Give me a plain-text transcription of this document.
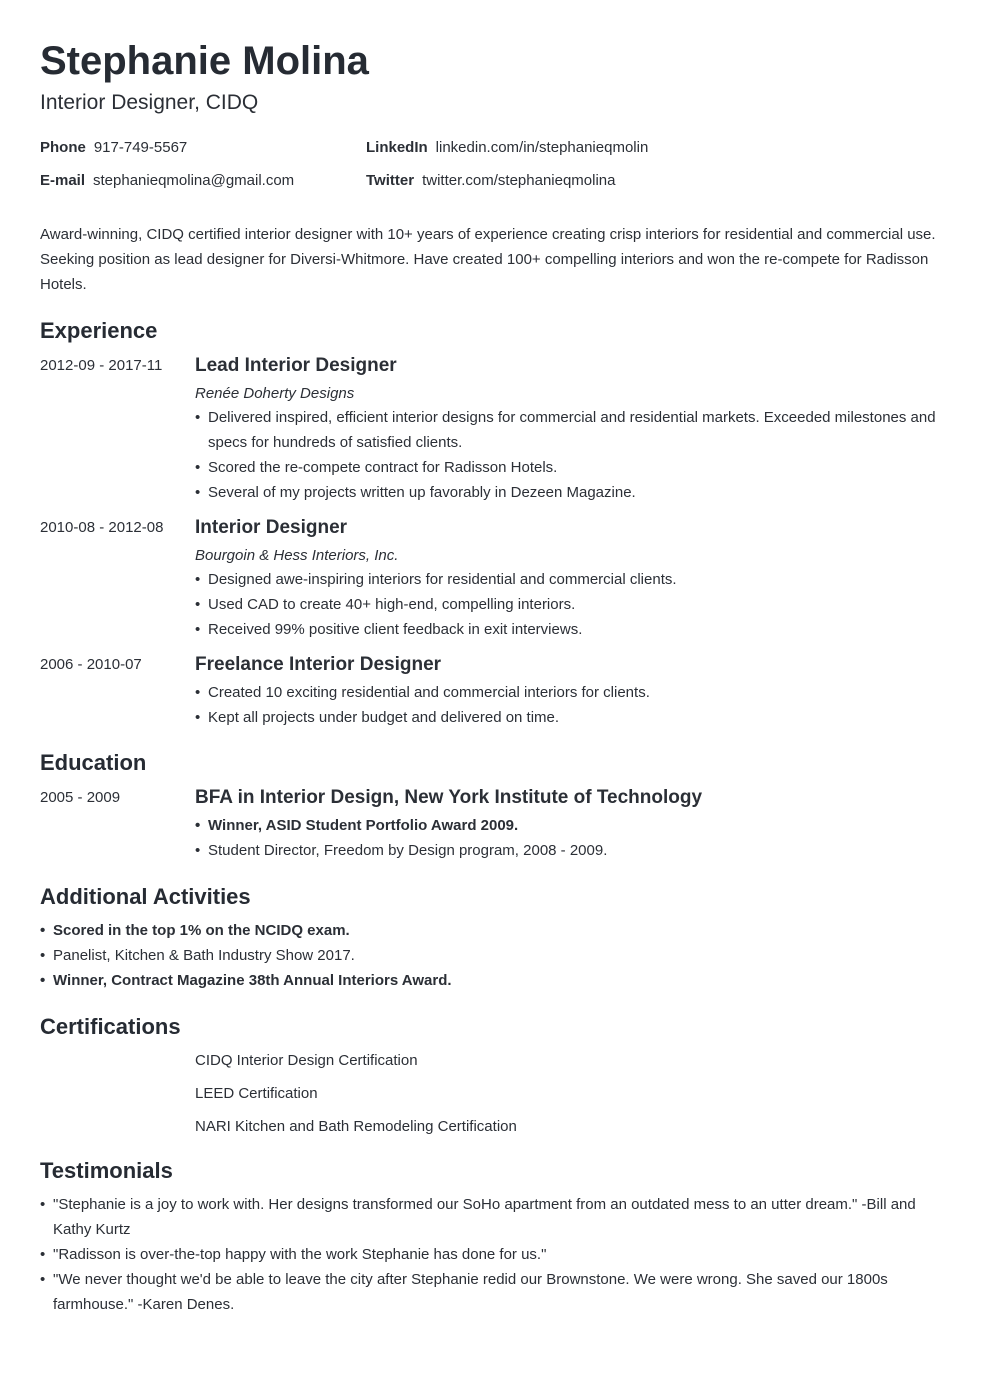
Stephanie Molina
Interior Designer, CIDQ
Phone 917-749-5567	LinkedIn linkedin.com/in/stephanieqmolin
E-mail stephanieqmolina@gmail.com	Twitter twitter.com/stephanieqmolina
Award-winning, CIDQ certified interior designer with 10+ years of experience creating crisp interiors for residential and commercial use. Seeking position as lead designer for Diversi-Whitmore. Have created 100+ compelling interiors and won the re-compete for Radisson Hotels.
Experience
2012-09 - 2017-11	Lead Interior Designer
Renée Doherty Designs
• Delivered inspired, efficient interior designs for commercial and residential markets. Exceeded milestones and specs for hundreds of satisfied clients.
• Scored the re-compete contract for Radisson Hotels.
• Several of my projects written up favorably in Dezeen Magazine.
2010-08 - 2012-08	Interior Designer
Bourgoin & Hess Interiors, Inc.
• Designed awe-inspiring interiors for residential and commercial clients.
• Used CAD to create 40+ high-end, compelling interiors.
• Received 99% positive client feedback in exit interviews.
2006 - 2010-07	Freelance Interior Designer
• Created 10 exciting residential and commercial interiors for clients.
• Kept all projects under budget and delivered on time.
Education
2005 - 2009	BFA in Interior Design, New York Institute of Technology
• Winner, ASID Student Portfolio Award 2009.
• Student Director, Freedom by Design program, 2008 - 2009.
Additional Activities
• Scored in the top 1% on the NCIDQ exam.
• Panelist, Kitchen & Bath Industry Show 2017.
• Winner, Contract Magazine 38th Annual Interiors Award.
Certifications
CIDQ Interior Design Certification
LEED Certification
NARI Kitchen and Bath Remodeling Certification
Testimonials
• "Stephanie is a joy to work with. Her designs transformed our SoHo apartment from an outdated mess to an utter dream." -Bill and Kathy Kurtz
• "Radisson is over-the-top happy with the work Stephanie has done for us."
• "We never thought we'd be able to leave the city after Stephanie redid our Brownstone. We were wrong. She saved our 1800s farmhouse." -Karen Denes.
